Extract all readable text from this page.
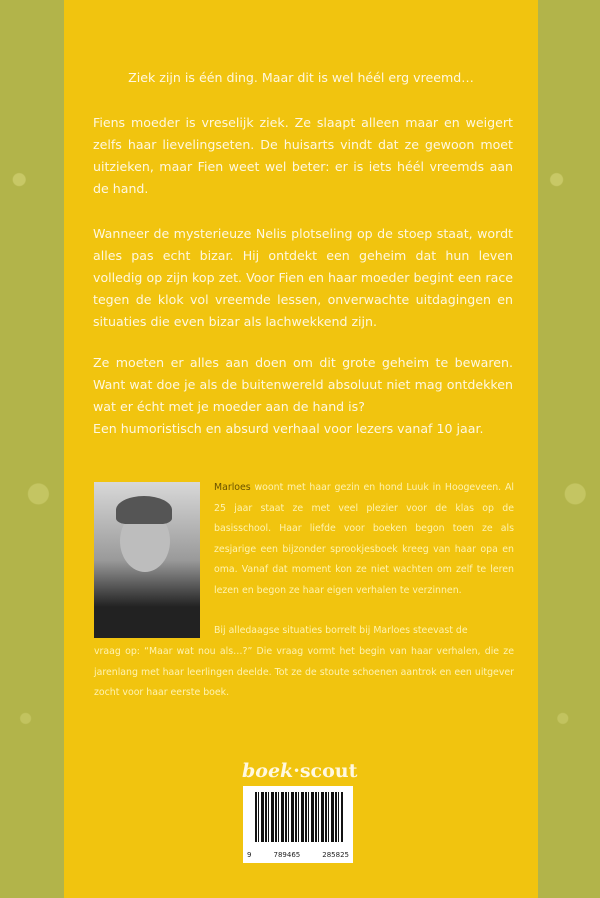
Ziek zijn is één ding. Maar dit is wel héél erg vreemd…

Fiens moeder is vreselijk ziek. Ze slaapt alleen maar en weigert zelfs haar lievelingseten. De huisarts vindt dat ze gewoon moet uitzieken, maar Fien weet wel beter: er is iets héél vreemds aan de hand.

Wanneer de mysterieuze Nelis plotseling op de stoep staat, wordt alles pas echt bizar. Hij ontdekt een geheim dat hun leven volledig op zijn kop zet. Voor Fien en haar moeder begint een race tegen de klok vol vreemde lessen, onverwachte uitdagingen en situaties die even bizar als lachwekkend zijn.

Ze moeten er alles aan doen om dit grote geheim te bewaren. Want wat doe je als de buitenwereld absoluut niet mag ontdekken wat er écht met je moeder aan de hand is?

Een humoristisch en absurd verhaal voor lezers vanaf 10 jaar.

Marloes woont met haar gezin en hond Luuk in Hoogeveen. Al 25 jaar staat ze met veel plezier voor de klas op de basisschool. Haar liefde voor boeken begon toen ze als zesjarige een bijzonder sprookjesboek kreeg van haar opa en oma. Vanaf dat moment kon ze niet wachten om zelf te leren lezen en begon ze haar eigen verhalen te verzinnen.

Bij alledaagse situaties borrelt bij Marloes steevast de

vraag op: “Maar wat nou als…?” Die vraag vormt het begin van haar verhalen, die ze jarenlang met haar leerlingen deelde. Tot ze de stoute schoenen aantrok en een uitgever zocht voor haar eerste boek.

boek·scout
9	789465	285825
